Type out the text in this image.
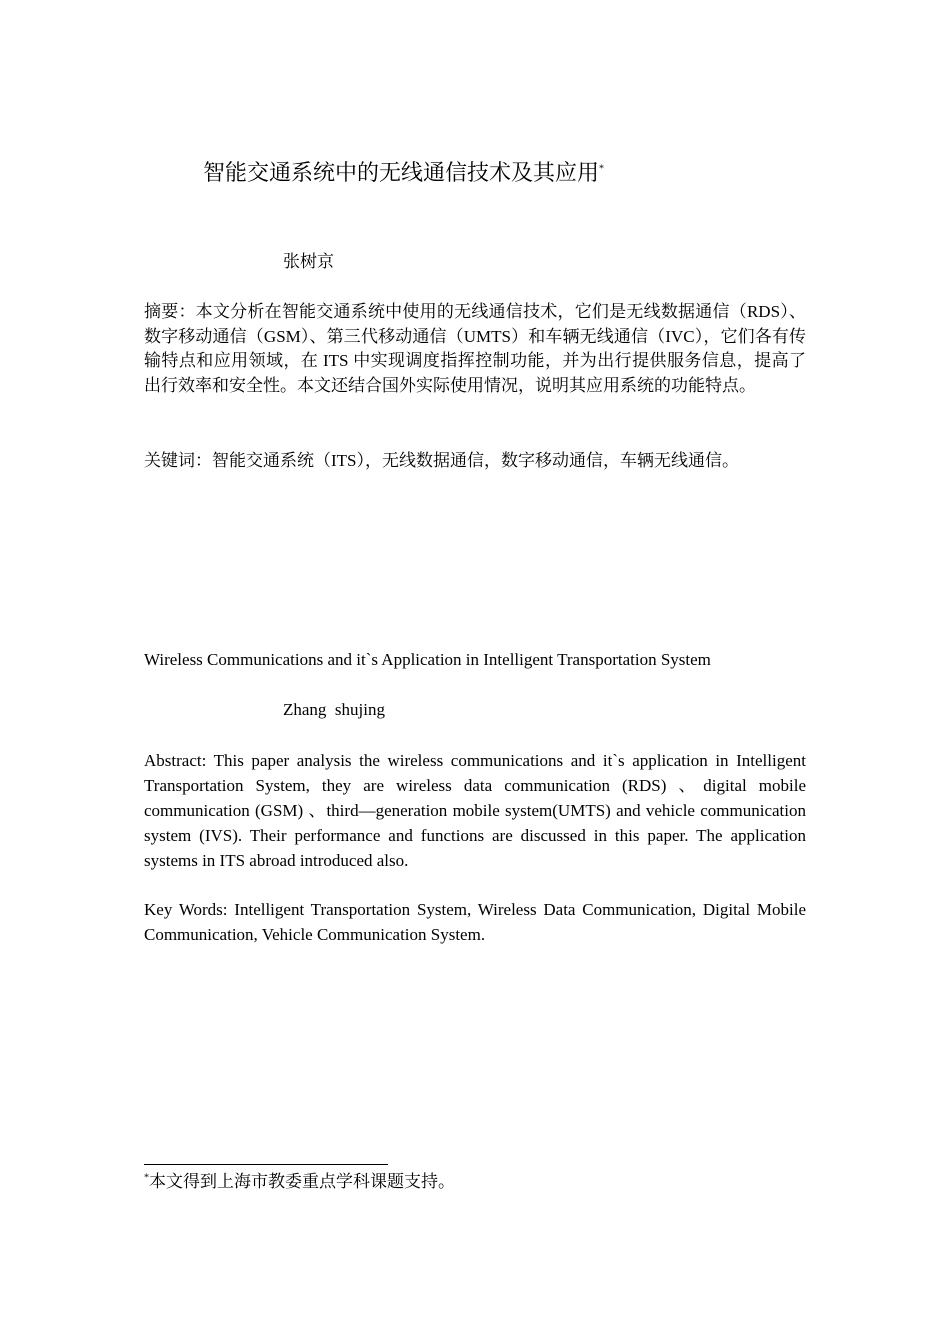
智能交通系统中的无线通信技术及其应用*
张树京
摘要：本文分析在智能交通系统中使用的无线通信技术，它们是无线数据通信（RDS）、数字移动通信（GSM）、第三代移动通信（UMTS）和车辆无线通信（IVC），它们各有传输特点和应用领域，在 ITS 中实现调度指挥控制功能，并为出行提供服务信息，提高了出行效率和安全性。本文还结合国外实际使用情况，说明其应用系统的功能特点。
关键词：智能交通系统（ITS），无线数据通信，数字移动通信，车辆无线通信。
Wireless Communications and it`s Application in Intelligent Transportation System
Zhang  shujing
Abstract: This paper analysis the wireless communications and it`s application in Intelligent Transportation System, they are wireless data communication (RDS) 、digital mobile communication (GSM) 、third—generation mobile system(UMTS) and vehicle communication system (IVS). Their performance and functions are discussed in this paper. The application systems in ITS abroad introduced also.
Key Words: Intelligent Transportation System, Wireless Data Communication, Digital Mobile Communication, Vehicle Communication System.
*本文得到上海市教委重点学科课题支持。
